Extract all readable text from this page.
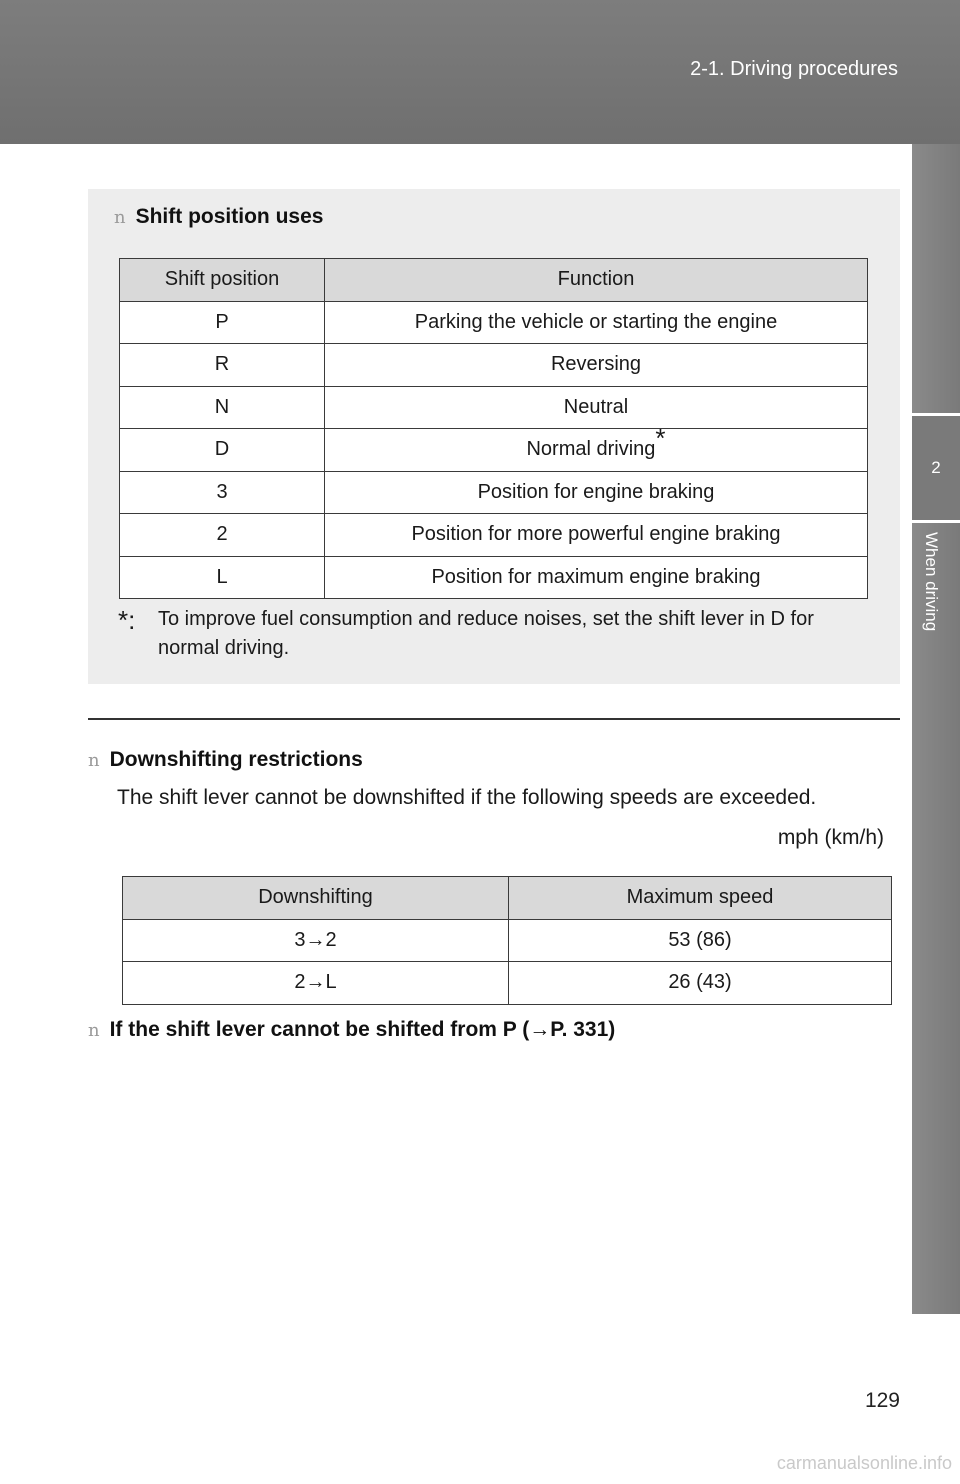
2-1. Driving procedures
2
When driving
n Shift position uses
Shift position	Function
P	Parking the vehicle or starting the engine
R	Reversing
N	Neutral
D	Normal driving*
3	Position for engine braking
2	Position for more powerful engine braking
L	Position for maximum engine braking
*: To improve fuel consumption and reduce noises, set the shift lever in D for normal driving.
n Downshifting restrictions
The shift lever cannot be downshifted if the following speeds are exceeded.
mph (km/h)
Downshifting	Maximum speed
3→2	53 (86)
2→L	26 (43)
n If the shift lever cannot be shifted from P (→P. 331)
129
carmanualsonline.info
